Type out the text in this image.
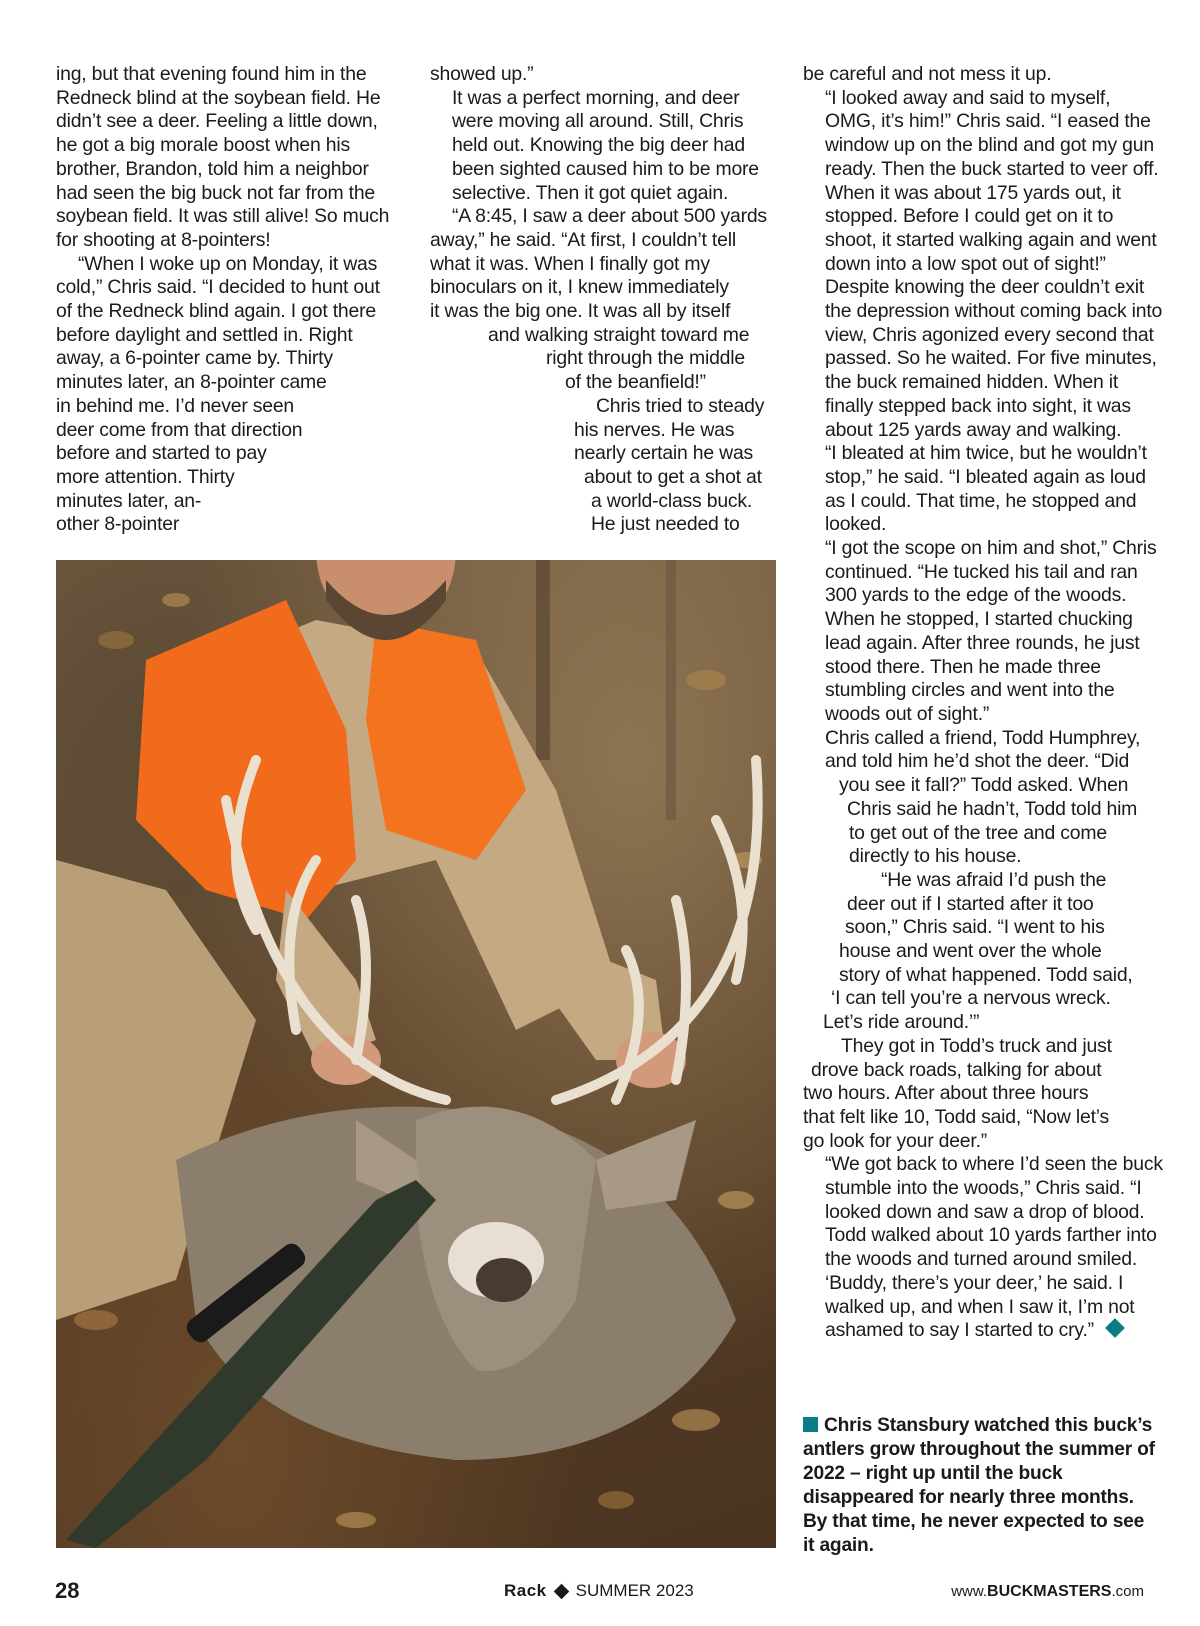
ing, but that evening found him in the Redneck blind at the soybean field. He didn’t see a deer. Feeling a little down, he got a big morale boost when his brother, Brandon, told him a neighbor had seen the big buck not far from the soybean field. It was still alive! So much for shooting at 8-pointers!

“When I woke up on Monday, it was

cold,” Chris said. “I decided to hunt out
of the Redneck blind again. I got there
before daylight and settled in. Right
away, a 6-pointer came by. Thirty
minutes later, an 8-pointer came
in behind me. I’d never seen
deer come from that direction
before and started to pay
more attention. Thirty
minutes later, an-
other 8-pointer

showed up.”

It was a perfect morning, and deer were moving all around. Still, Chris held out. Knowing the big deer had been sighted caused him to be more selective. Then it got quiet again.

“A 8:45, I saw a deer about 500 yards
away,” he said. “At first, I couldn’t tell
what it was. When I finally got my
binoculars on it, I knew immediately
it was the big one. It was all by itself
and walking straight toward me
right through the middle
of the beanfield!”

Chris tried to steady
his nerves. He was
nearly certain he was
about to get a shot at
a world-class buck.
He just needed to

be careful and not mess it up.

“I looked away and said to myself, OMG, it’s him!” Chris said. “I eased the window up on the blind and got my gun ready. Then the buck started to veer off. When it was about 175 yards out, it stopped. Before I could get on it to shoot, it started walking again and went down into a low spot out of sight!”

Despite knowing the deer couldn’t exit the depression without coming back into view, Chris agonized every second that passed. So he waited. For five minutes, the buck remained hidden. When it finally stepped back into sight, it was about 125 yards away and walking.

“I bleated at him twice, but he wouldn’t stop,” he said. “I bleated again as loud as I could. That time, he stopped and looked.

“I got the scope on him and shot,” Chris continued. “He tucked his tail and ran 300 yards to the edge of the woods. When he stopped, I started chucking lead again. After three rounds, he just stood there. Then he made three stumbling circles and went into the woods out of sight.”

Chris called a friend, Todd Humphrey,
and told him he’d shot the deer. “Did
you see it fall?” Todd asked. When
Chris said he hadn’t, Todd told him
to get out of the tree and come
directly to his house.

“He was afraid I’d push the
deer out if I started after it too
soon,” Chris said. “I went to his
house and went over the whole
story of what happened. Todd said,
‘I can tell you’re a nervous wreck.
Let’s ride around.’”

They got in Todd’s truck and just
drove back roads, talking for about
two hours. After about three hours
that felt like 10, Todd said, “Now let’s
go look for your deer.”

“We got back to where I’d seen the buck stumble into the woods,” Chris said. “I looked down and saw a drop of blood. Todd walked about 10 yards farther into the woods and turned around smiled. ‘Buddy, there’s your deer,’ he said. I walked up, and when I saw it, I’m not ashamed to say I started to cry.”

Chris Stansbury watched this buck’s antlers grow throughout the summer of 2022 – right up until the buck disappeared for nearly three months. By that time, he never expected to see it again.
28	Rack SUMMER 2023	www.BUCKMASTERS.com
